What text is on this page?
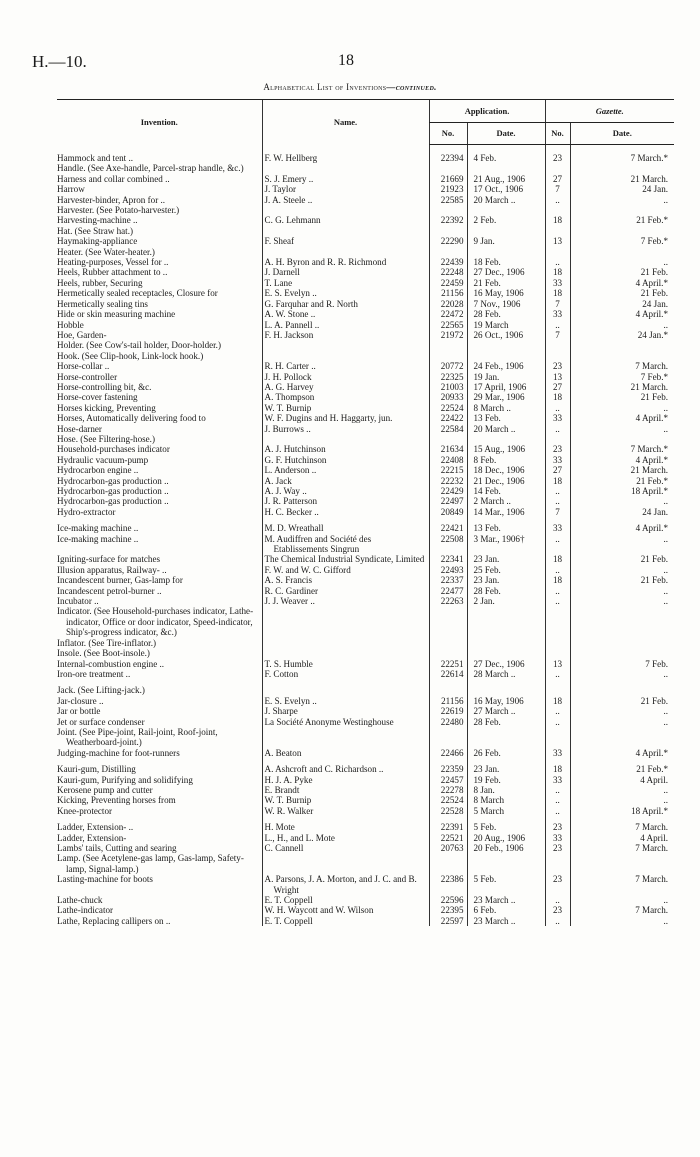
H.—10.	18
Alphabetical List of Inventions—continued.
Invention.	Name.	Application.		Gazette.	
		No.	Date.	No.	Date.

Hammock and tent ..	F. W. Hellberg	22394	4 Feb.	23	7 March.*

Handle. (See Axe-handle, Parcel-strap handle, &c.)					

Harness and collar combined ..	S. J. Emery ..	21669	21 Aug., 1906	27	21 March.

Harrow	J. Taylor	21923	17 Oct., 1906	7	24 Jan.

Harvester-binder, Apron for ..	J. A. Steele ..	22585	20 March ..	..	..

Harvester. (See Potato-harvester.)					

Harvesting-machine ..	C. G. Lehmann	22392	2 Feb.	18	21 Feb.*

Hat. (See Straw hat.)					

Haymaking-appliance	F. Sheaf	22290	9 Jan.	13	7 Feb.*

Heater. (See Water-heater.)					

Heating-purposes, Vessel for ..	A. H. Byron and R. R. Richmond	22439	18 Feb.	..	..

Heels, Rubber attachment to ..	J. Darnell	22248	27 Dec., 1906	18	21 Feb.

Heels, rubber, Securing	T. Lane	22459	21 Feb.	33	4 April.*

Hermetically sealed receptacles, Closure for	E. S. Evelyn ..	21156	16 May, 1906	18	21 Feb.

Hermetically sealing tins	G. Farquhar and R. North	22028	7 Nov., 1906	7	24 Jan.

Hide or skin measuring machine	A. W. Stone ..	22472	28 Feb.	33	4 April.*

Hobble	L. A. Pannell ..	22565	19 March	..	..

Hoe, Garden-	F. H. Jackson	21972	26 Oct., 1906	7	24 Jan.*

Holder. (See Cow's-tail holder, Door-holder.)					

Hook. (See Clip-hook, Link-lock hook.)					

Horse-collar ..	R. H. Carter ..	20772	24 Feb., 1906	23	7 March.

Horse-controller	J. H. Pollock	22325	19 Jan.	13	7 Feb.*

Horse-controlling bit, &c.	A. G. Harvey	21003	17 April, 1906	27	21 March.

Horse-cover fastening	A. Thompson	20933	29 Mar., 1906	18	21 Feb.

Horses kicking, Preventing	W. T. Burnip	22524	8 March ..	..	..

Horses, Automatically delivering food to	W. F. Dugins and H. Haggarty, jun.	22422	13 Feb.	33	4 April.*

Hose-darner	J. Burrows ..	22584	20 March ..	..	..

Hose. (See Filtering-hose.)					

Household-purchases indicator	A. J. Hutchinson	21634	15 Aug., 1906	23	7 March.*

Hydraulic vacuum-pump	G. F. Hutchinson	22408	8 Feb.	33	4 April.*

Hydrocarbon engine ..	L. Anderson ..	22215	18 Dec., 1906	27	21 March.

Hydrocarbon-gas production ..	A. Jack	22232	21 Dec., 1906	18	21 Feb.*

Hydrocarbon-gas production ..	A. J. Way ..	22429	14 Feb.	..	18 April.*

Hydrocarbon-gas production ..	J. R. Patterson	22497	2 March ..	..	..

Hydro-extractor	H. C. Becker ..	20849	14 Mar., 1906	7	24 Jan.

Ice-making machine ..	M. D. Wreathall	22421	13 Feb.	33	4 April.*

Ice-making machine ..	M. Audiffren and Société des Etablissements Singrun	22508	3 Mar., 1906†	..	..

Igniting-surface for matches	The Chemical Industrial Syndicate, Limited	22341	23 Jan.	18	21 Feb.

Illusion apparatus, Railway- ..	F. W. and W. C. Gifford	22493	25 Feb.	..	..

Incandescent burner, Gas-lamp for	A. S. Francis	22337	23 Jan.	18	21 Feb.

Incandescent petrol-burner ..	R. C. Gardiner	22477	28 Feb.	..	..

Incubator ..	J. J. Weaver ..	22263	2 Jan.	..	..

Indicator. (See Household-purchases indicator, Lathe-indicator, Office or door indicator, Speed-indicator, Ship's-progress indicator, &c.)					

Inflator. (See Tire-inflator.)					

Insole. (See Boot-insole.)					

Internal-combustion engine ..	T. S. Humble	22251	27 Dec., 1906	13	7 Feb.

Iron-ore treatment ..	F. Cotton	22614	28 March ..	..	..

Jack. (See Lifting-jack.)					

Jar-closure ..	E. S. Evelyn ..	21156	16 May, 1906	18	21 Feb.

Jar or bottle	J. Sharpe	22619	27 March ..	..	..

Jet or surface condenser	La Société Anonyme Westinghouse	22480	28 Feb.	..	..

Joint. (See Pipe-joint, Rail-joint, Roof-joint, Weatherboard-joint.)					

Judging-machine for foot-runners	A. Beaton	22466	26 Feb.	33	4 April.*

Kauri-gum, Distilling	A. Ashcroft and C. Richardson ..	22359	23 Jan.	18	21 Feb.*

Kauri-gum, Purifying and solidifying	H. J. A. Pyke	22457	19 Feb.	33	4 April.

Kerosene pump and cutter	E. Brandt	22278	8 Jan.	..	..

Kicking, Preventing horses from	W. T. Burnip	22524	8 March	..	..

Knee-protector	W. R. Walker	22528	5 March	..	18 April.*

Ladder, Extension- ..	H. Mote	22391	5 Feb.	23	7 March.

Ladder, Extension-	L., H., and L. Mote	22521	20 Aug., 1906	33	4 April.

Lambs' tails, Cutting and searing	C. Cannell	20763	20 Feb., 1906	23	7 March.

Lamp. (See Acetylene-gas lamp, Gas-lamp, Safety-lamp, Signal-lamp.)					

Lasting-machine for boots	A. Parsons, J. A. Morton, and J. C. and B. Wright	22386	5 Feb.	23	7 March.

Lathe-chuck	E. T. Coppell	22596	23 March ..	..	..

Lathe-indicator	W. H. Waycott and W. Wilson	22395	6 Feb.	23	7 March.

Lathe, Replacing callipers on ..	E. T. Coppell	22597	23 March ..	..	..
